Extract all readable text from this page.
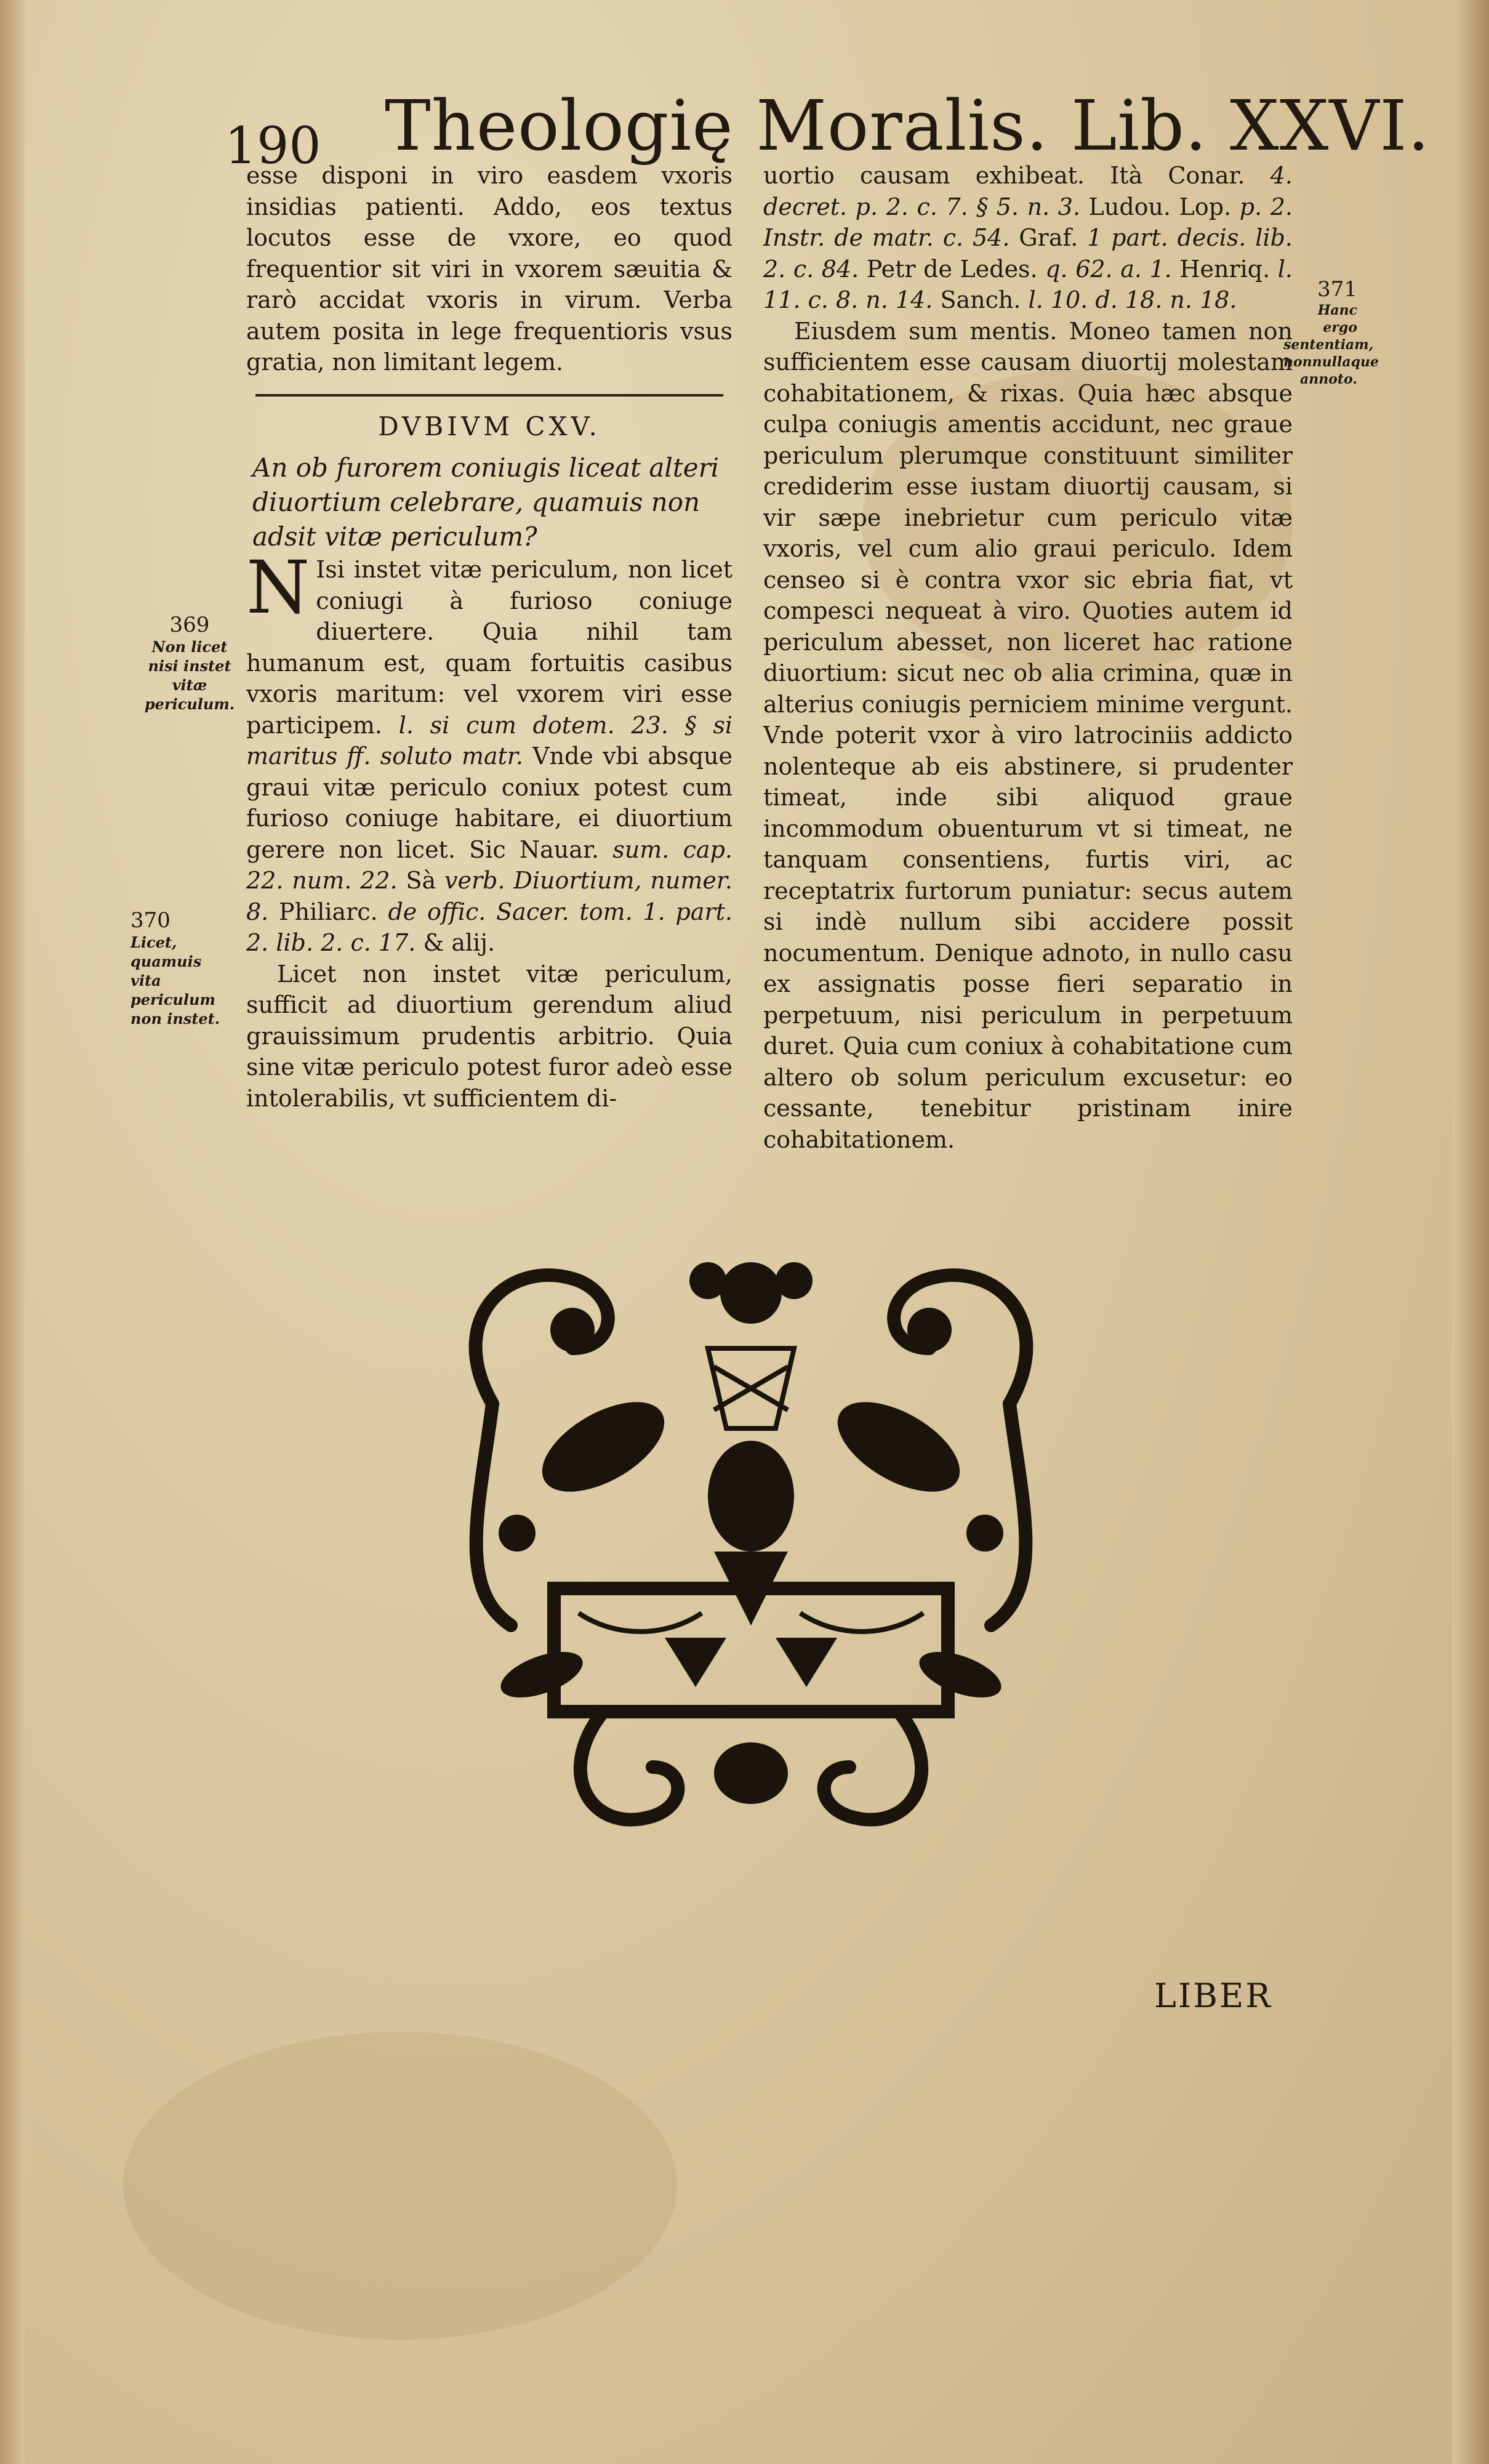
190 Theologię Moralis. Lib. XXVI.

esse disponi in viro easdem vxoris insidias patienti. Addo, eos textus locutos esse de vxore, eo quod frequentior sit viri in vxorem sæuitia & rarò accidat vxoris in virum. Verba autem posita in lege frequentioris vsus gratia, non limitant legem.

DVBIVM CXV.

An ob furorem coniugis liceat alteri diuortium celebrare, quamuis non adsit vitæ periculum?

N Isi instet vitæ periculum, non licet coniugi à furioso coniuge diuertere. Quia nihil tam humanum est, quam fortuitis casibus vxoris maritum: vel vxorem viri esse participem. l. si cum dotem. 23. § si maritus ff. soluto matr. Vnde vbi absque graui vitæ periculo coniux potest cum furioso coniuge habitare, ei diuortium gerere non licet. Sic Nauar. sum. cap. 22. num. 22. Sà verb. Diuortium, numer. 8. Philiarc. de offic. Sacer. tom. 1. part. 2. lib. 2. c. 17. & alij.

Licet non instet vitæ periculum, sufficit ad diuortium gerendum aliud grauissimum prudentis arbitrio. Quia sine vitæ periculo potest furor adeò esse intolerabilis, vt sufficientem di-

uortio causam exhibeat. Ità Conar. 4. decret. p. 2. c. 7. § 5. n. 3. Ludou. Lop. p. 2. Instr. de matr. c. 54. Graf. 1 part. decis. lib. 2. c. 84. Petr de Ledes. q. 62. a. 1. Henriq. l. 11. c. 8. n. 14. Sanch. l. 10. d. 18. n. 18.

Eiusdem sum mentis. Moneo tamen non sufficientem esse causam diuortij molestam cohabitationem, & rixas. Quia hæc absque culpa coniugis amentis accidunt, nec graue periculum plerumque constituunt similiter crediderim esse iustam diuortij causam, si vir sæpe inebrietur cum periculo vitæ vxoris, vel cum alio graui periculo. Idem censeo si è contra vxor sic ebria fiat, vt compesci nequeat à viro. Quoties autem id periculum abesset, non liceret hac ratione diuortium: sicut nec ob alia crimina, quæ in alterius coniugis perniciem minime vergunt. Vnde poterit vxor à viro latrociniis addicto nolenteque ab eis abstinere, si prudenter timeat, inde sibi aliquod graue incommodum obuenturum vt si timeat, ne tanquam consentiens, furtis viri, ac receptatrix furtorum puniatur: secus autem si indè nullum sibi accidere possit nocumentum. Denique adnoto, in nullo casu ex assignatis posse fieri separatio in perpetuum, nisi periculum in perpetuum duret. Quia cum coniux à cohabitatione cum altero ob solum periculum excusetur: eo cessante, tenebitur pristinam inire cohabitationem.

369
Non licet nisi instet vitæ periculum.
370
Licet, quamuis vita periculum non instet.
371
Hanc ergo sententiam, nonnullaque annoto.
LIBER
